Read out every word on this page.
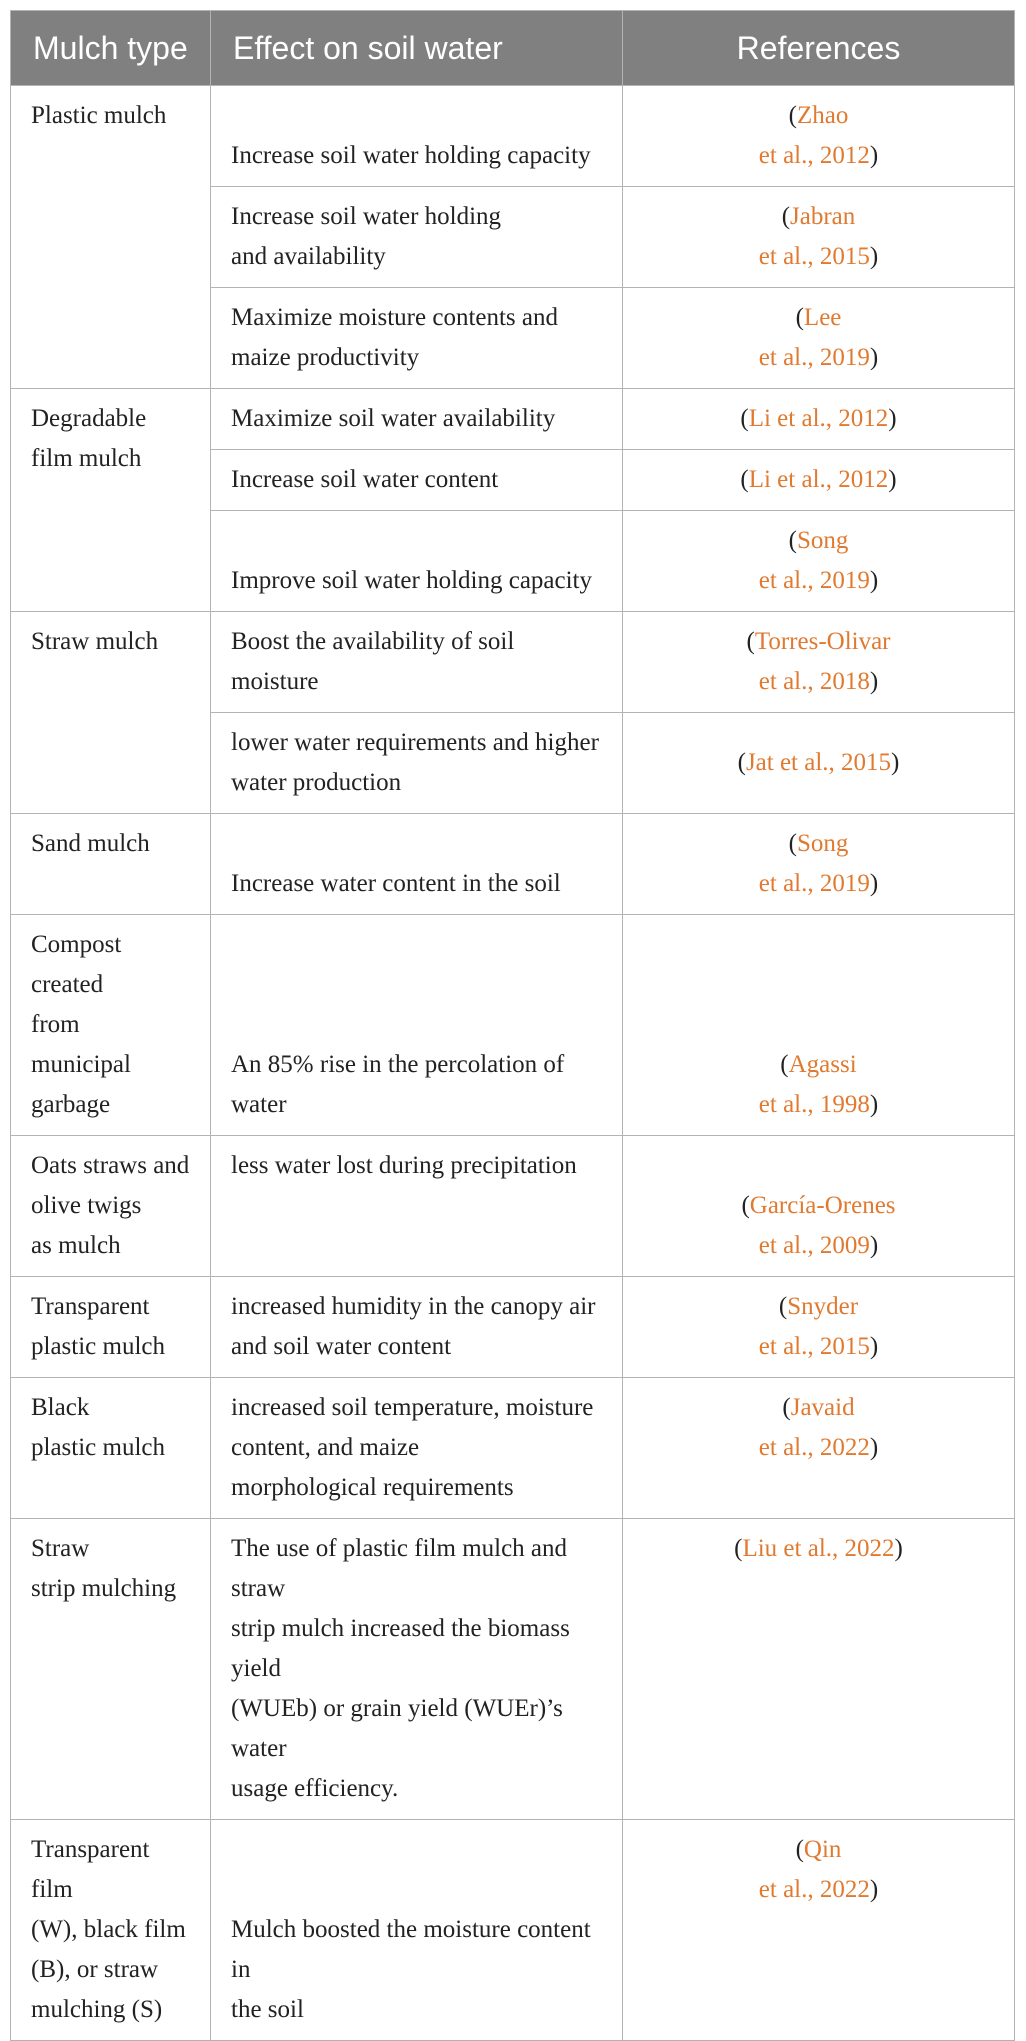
Mulch type	Effect on soil water	References

Plastic mulch	Increase soil water holding capacity	(Zhao
et al., 2012)

	Increase soil water holding
and availability	(Jabran
et al., 2015)

	Maximize moisture contents and
maize productivity	(Lee
et al., 2019)

Degradable
film mulch	Maximize soil water availability	(Li et al., 2012)

	Increase soil water content	(Li et al., 2012)

	Improve soil water holding capacity	(Song
et al., 2019)

Straw mulch	Boost the availability of soil moisture	(Torres-Olivar
et al., 2018)

	lower water requirements and higher
water production	(Jat et al., 2015)

Sand mulch	Increase water content in the soil	(Song
et al., 2019)

Compost created
from
municipal
garbage	An 85% rise in the percolation of water	(Agassi
et al., 1998)

Oats straws and
olive twigs
as mulch	less water lost during precipitation	(García-Orenes
et al., 2009)

Transparent
plastic mulch	increased humidity in the canopy air
and soil water content	(Snyder
et al., 2015)

Black
plastic mulch	increased soil temperature, moisture
content, and maize
morphological requirements	(Javaid
et al., 2022)

Straw
strip mulching	The use of plastic film mulch and straw
strip mulch increased the biomass yield
(WUEb) or grain yield (WUEr)’s water
usage efficiency.	(Liu et al., 2022)

Transparent film
(W), black film
(B), or straw
mulching (S)	Mulch boosted the moisture content in
the soil	(Qin
et al., 2022)
